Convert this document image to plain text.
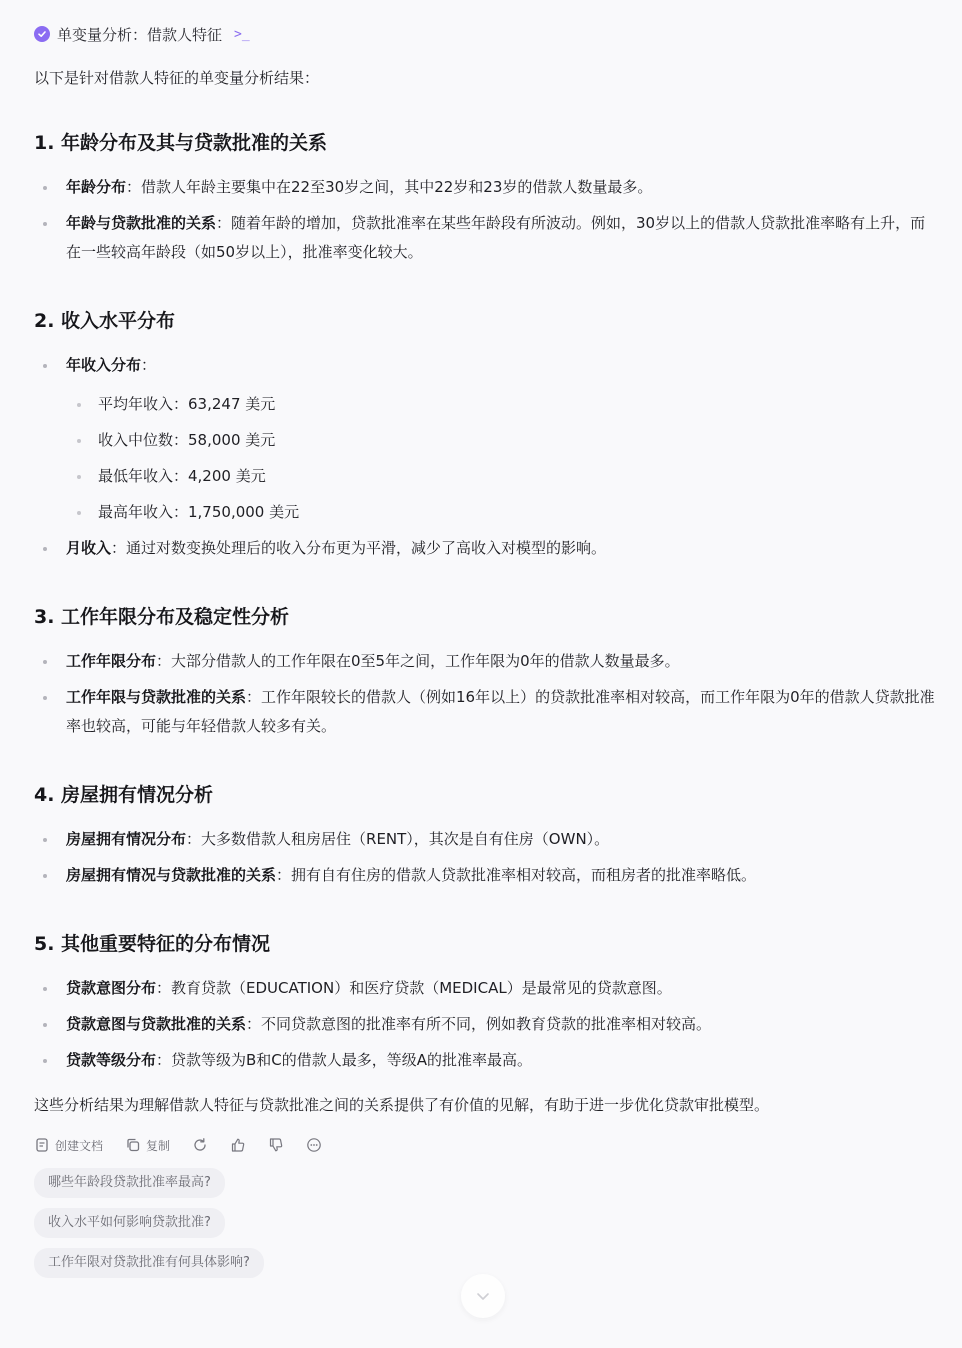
单变量分析：借款人特征 >_
以下是针对借款人特征的单变量分析结果：
1. 年龄分布及其与贷款批准的关系
年龄分布：借款人年龄主要集中在22至30岁之间，其中22岁和23岁的借款人数量最多。
年龄与贷款批准的关系：随着年龄的增加，贷款批准率在某些年龄段有所波动。例如，30岁以上的借款人贷款批准率略有上升，而在一些较高年龄段（如50岁以上），批准率变化较大。
2. 收入水平分布
年收入分布：
平均年收入：63,247 美元
收入中位数：58,000 美元
最低年收入：4,200 美元
最高年收入：1,750,000 美元
月收入：通过对数变换处理后的收入分布更为平滑，减少了高收入对模型的影响。
3. 工作年限分布及稳定性分析
工作年限分布：大部分借款人的工作年限在0至5年之间，工作年限为0年的借款人数量最多。
工作年限与贷款批准的关系：工作年限较长的借款人（例如16年以上）的贷款批准率相对较高，而工作年限为0年的借款人贷款批准率也较高，可能与年轻借款人较多有关。
4. 房屋拥有情况分析
房屋拥有情况分布：大多数借款人租房居住（RENT），其次是自有住房（OWN）。
房屋拥有情况与贷款批准的关系：拥有自有住房的借款人贷款批准率相对较高，而租房者的批准率略低。
5. 其他重要特征的分布情况
贷款意图分布：教育贷款（EDUCATION）和医疗贷款（MEDICAL）是最常见的贷款意图。
贷款意图与贷款批准的关系：不同贷款意图的批准率有所不同，例如教育贷款的批准率相对较高。
贷款等级分布：贷款等级为B和C的借款人最多，等级A的批准率最高。
这些分析结果为理解借款人特征与贷款批准之间的关系提供了有价值的见解，有助于进一步优化贷款审批模型。
创建文档	复制
哪些年龄段贷款批准率最高?
收入水平如何影响贷款批准?
工作年限对贷款批准有何具体影响?
